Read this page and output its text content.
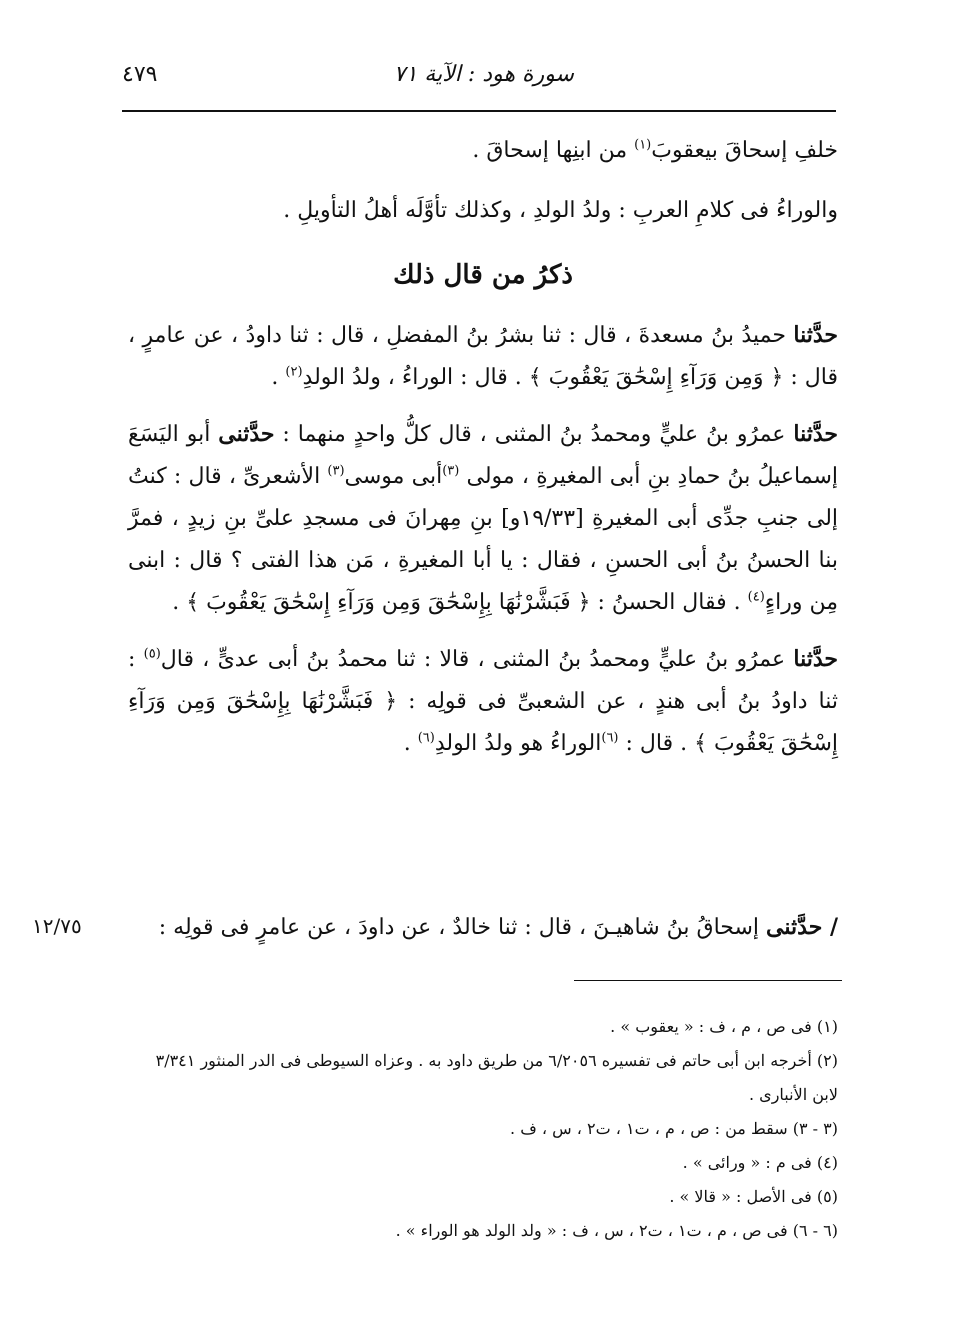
سورة هود : الآية ٧١
٤٧٩

خلفِ إسحاقَ بيعقوبَ$^{(١)}$ من ابنِها إسحاقَ .

والوراءُ فى كلامِ العربِ : ولدُ الولدِ ، وكذلك تأوَّلَه أهلُ التأويلِ .

ذكرُ من قال ذلك

حدَّثنا حميدُ بنُ مسعدةَ ، قال : ثنا بشرُ بنُ المفضلِ ، قال : ثنا داودُ ، عن عامرٍ ، قال : ﴿ وَمِن وَرَآءِ إِسْحَٰقَ يَعْقُوبَ ﴾ . قال : الوراءُ ، ولدُ الولدِ$^{(٢)}$ .

حدَّثنا عمرُو بنُ عليٍّ ومحمدُ بنُ المثنى ، قال كلُّ واحدٍ منهما : حدَّثنى أبو اليَسَعَ إسماعيلُ بنُ حمادِ بنِ أبى المغيرةِ ، مولى $^{(٣)}$أبى موسى$^{(٣)}$ الأشعرىِّ ، قال : كنتُ إلى جنبِ جدِّى أبى المغيرةِ [١٩/٣٣و] بنِ مِهرانَ فى مسجدِ علىِّ بنِ زيدٍ ، فمرَّ بنا الحسنُ بنُ أبى الحسنِ ، فقال : يا أبا المغيرةِ ، مَن هذا الفتى ؟ قال : ابنى مِن وراءٍ$^{(٤)}$ . فقال الحسنُ : ﴿ فَبَشَّرْنَٰهَا بِإِسْحَٰقَ وَمِن وَرَآءِ إِسْحَٰقَ يَعْقُوبَ ﴾ .

حدَّثنا عمرُو بنُ عليٍّ ومحمدُ بنُ المثنى ، قالا : ثنا محمدُ بنُ أبى عدىٍّ ، قال$^{(٥)}$ : ثنا داودُ بنُ أبى هندٍ ، عن الشعبىِّ فى قولِه : ﴿ فَبَشَّرْنَٰهَا بِإِسْحَٰقَ وَمِن وَرَآءِ إِسْحَٰقَ يَعْقُوبَ ﴾ . قال : $^{(٦)}$الوراءُ هو ولدُ الولدِ$^{(٦)}$ .

/ حدَّثنى إسحاقُ بنُ شاهيـنَ ، قال : ثنا خالدٌ ، عن داودَ ، عن عامرٍ فى قولِه :
١٢/٧٥

(١) فى ص ، م ، ف : « يعقوب » .

(٢) أخرجه ابن أبى حاتم فى تفسيره ٦/٢٠٥٦ من طريق داود به . وعزاه السيوطى فى الدر المنثور ٣/٣٤١ لابن الأنبارى .

(٣ - ٣) سقط من : ص ، م ، ت١ ، ت٢ ، س ، ف .

(٤) فى م : « ورائى » .

(٥) فى الأصل : « قالا » .

(٦ - ٦) فى ص ، م ، ت١ ، ت٢ ، س ، ف : « ولد الولد هو الوراء » .
